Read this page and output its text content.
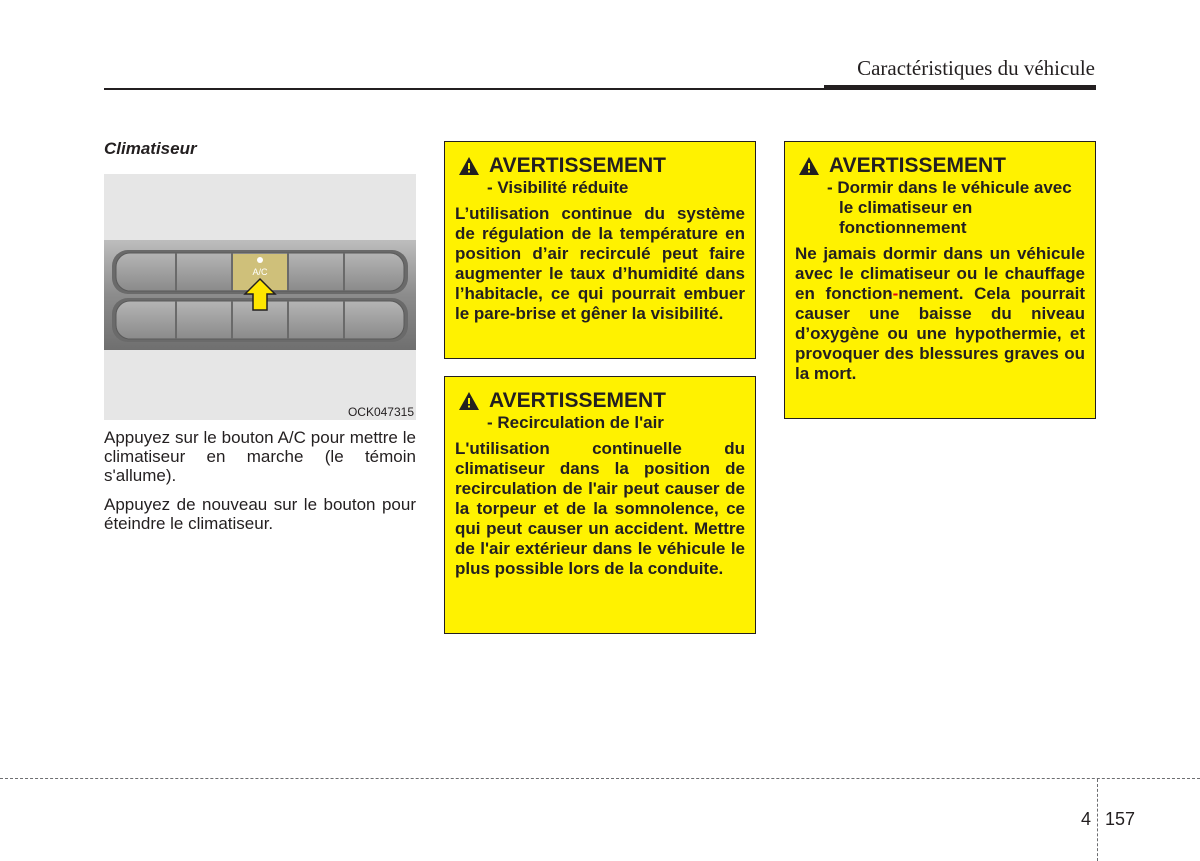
Caractéristiques du véhicule
Climatiseur
A/C
OCK047315
Appuyez sur le bouton A/C pour mettre le climatiseur en marche (le témoin s'allume).
Appuyez de nouveau sur le bouton pour éteindre le climatiseur.
AVERTISSEMENT
- Visibilité réduite
L’utilisation continue du système de régulation de la température en position d’air recirculé peut faire augmenter le taux d’humidité dans l’habitacle, ce qui pourrait embuer le pare-brise et gêner la visibilité.
AVERTISSEMENT
- Recirculation de l'air
L'utilisation continuelle du climatiseur dans la position de recirculation de l'air peut causer de la torpeur et de la somnolence, ce qui peut causer un accident. Mettre de l'air extérieur dans le véhicule le plus possible lors de la conduite.
AVERTISSEMENT
- Dormir dans le véhicule avec le climatiseur en fonctionnement
Ne jamais dormir dans un véhicule avec le climatiseur ou le chauffage en fonction-nement. Cela pourrait causer une baisse du niveau d’oxygène ou une hypothermie, et provoquer des blessures graves ou la mort.
4 157
